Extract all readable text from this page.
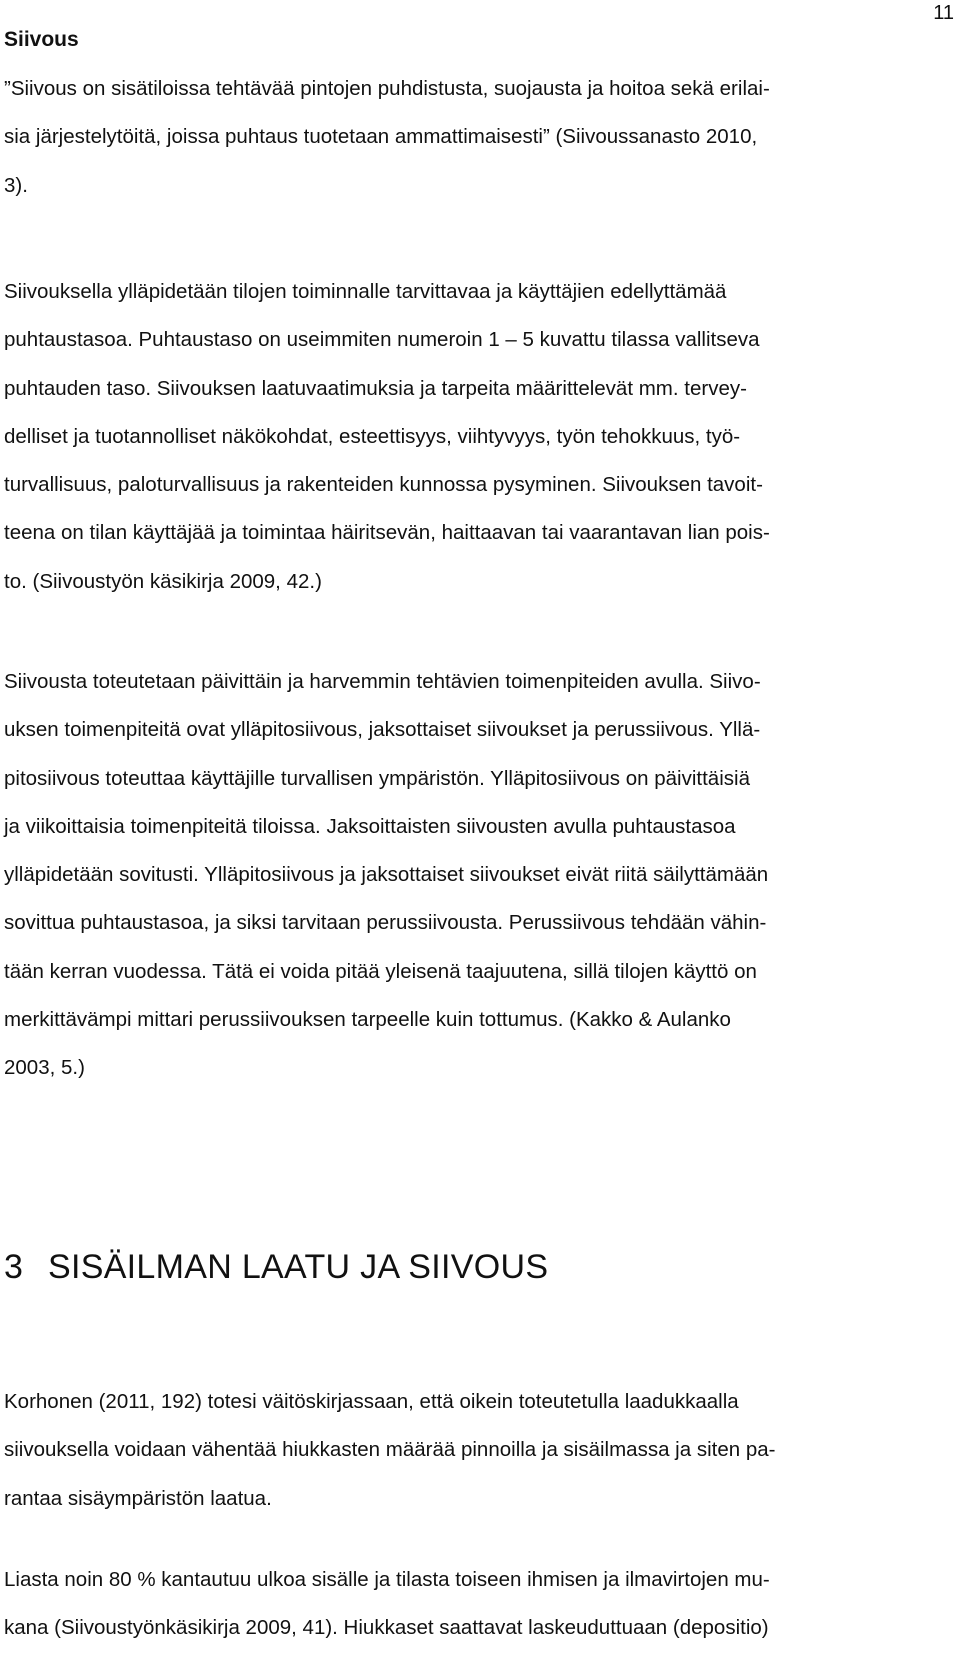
11
Siivous

”Siivous on sisätiloissa tehtävää pintojen puhdistusta, suojausta ja hoitoa sekä erilai-
sia järjestelytöitä, joissa puhtaus tuotetaan ammattimaisesti” (Siivoussanasto 2010,
3).

Siivouksella ylläpidetään tilojen toiminnalle tarvittavaa ja käyttäjien edellyttämää
puhtaustasoa. Puhtaustaso on useimmiten numeroin 1 – 5 kuvattu tilassa vallitseva
puhtauden taso. Siivouksen laatuvaatimuksia ja tarpeita määrittelevät mm. tervey-
delliset ja tuotannolliset näkökohdat, esteettisyys, viihtyvyys, työn tehokkuus, työ-
turvallisuus, paloturvallisuus ja rakenteiden kunnossa pysyminen. Siivouksen tavoit-
teena on tilan käyttäjää ja toimintaa häiritsevän, haittaavan tai vaarantavan lian pois-
to. (Siivoustyön käsikirja 2009, 42.)

Siivousta toteutetaan päivittäin ja harvemmin tehtävien toimenpiteiden avulla. Siivo-
uksen toimenpiteitä ovat ylläpitosiivous, jaksottaiset siivoukset ja perussiivous. Yllä-
pitosiivous toteuttaa käyttäjille turvallisen ympäristön. Ylläpitosiivous on päivittäisiä
ja viikoittaisia toimenpiteitä tiloissa. Jaksoittaisten siivousten avulla puhtaustasoa
ylläpidetään sovitusti. Ylläpitosiivous ja jaksottaiset siivoukset eivät riitä säilyttämään
sovittua puhtaustasoa, ja siksi tarvitaan perussiivousta. Perussiivous tehdään vähin-
tään kerran vuodessa. Tätä ei voida pitää yleisenä taajuutena, sillä tilojen käyttö on
merkittävämpi mittari perussiivouksen tarpeelle kuin tottumus. (Kakko & Aulanko
2003, 5.)

3 SISÄILMAN LAATU JA SIIVOUS

Korhonen (2011, 192) totesi väitöskirjassaan, että oikein toteutetulla laadukkaalla
siivouksella voidaan vähentää hiukkasten määrää pinnoilla ja sisäilmassa ja siten pa-
rantaa sisäympäristön laatua.

Liasta noin 80 % kantautuu ulkoa sisälle ja tilasta toiseen ihmisen ja ilmavirtojen mu-
kana (Siivoustyönkäsikirja 2009, 41). Hiukkaset saattavat laskeuduttuaan (depositio)
